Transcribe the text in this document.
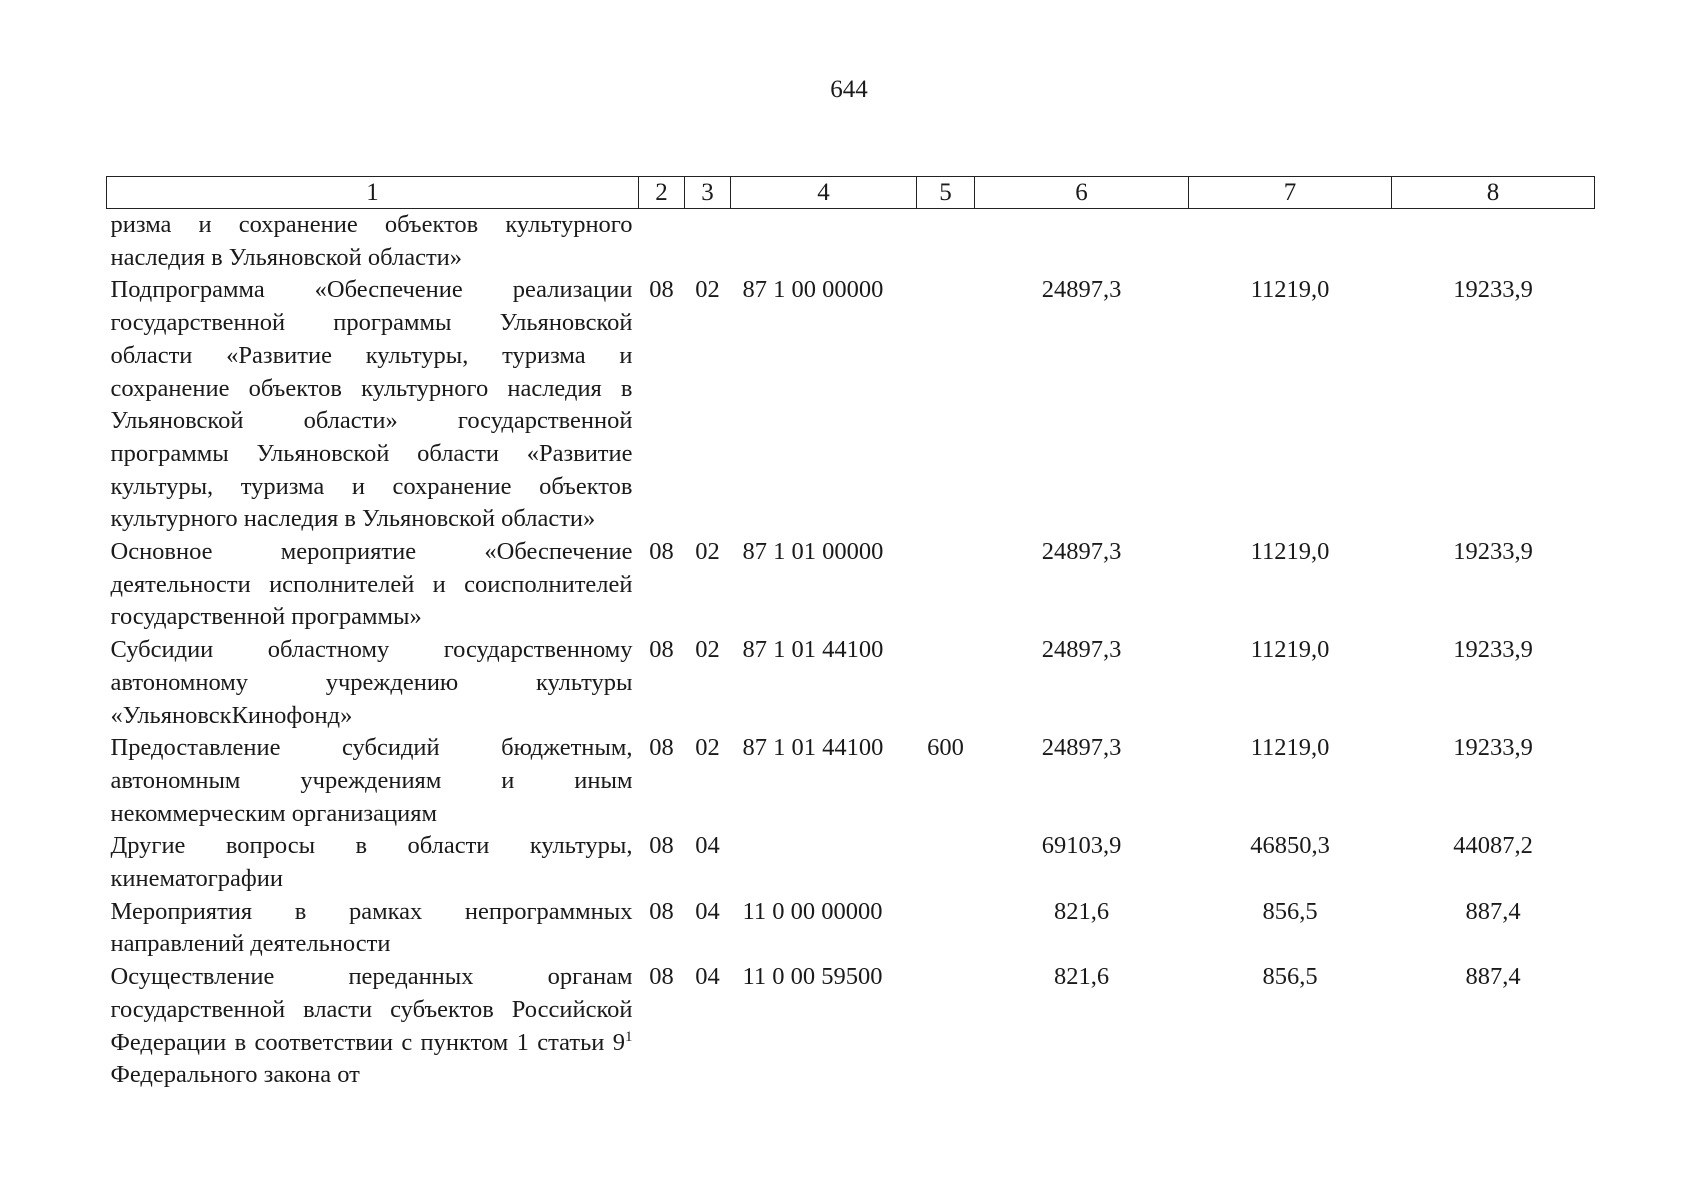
644
1	2	3	4	5	6	7	8
ризма и сохранение объектов культурного наследия в Ульяновской области»							
Подпрограмма «Обеспечение реализации государственной программы Ульяновской области «Развитие культуры, туризма и сохранение объектов культурного наследия в Ульяновской области» государственной программы Ульяновской области «Развитие культуры, туризма и сохранение объектов культурного наследия в Ульяновской области»	08	02	87 1 00 00000		24897,3	11219,0	19233,9
Основное мероприятие «Обеспечение деятельности исполнителей и соисполнителей государственной программы»	08	02	87 1 01 00000		24897,3	11219,0	19233,9
Субсидии областному государственному автономному учреждению культуры «УльяновскКинофонд»	08	02	87 1 01 44100		24897,3	11219,0	19233,9
Предоставление субсидий бюджетным, автономным учреждениям и иным некоммерческим организациям	08	02	87 1 01 44100	600	24897,3	11219,0	19233,9
Другие вопросы в области культуры, кинематографии	08	04			69103,9	46850,3	44087,2
Мероприятия в рамках непрограммных направлений деятельности	08	04	11 0 00 00000		821,6	856,5	887,4
Осуществление переданных органам государственной власти субъектов Российской Федерации в соответствии с пунктом 1 статьи $9^1$ Федерального закона от	08	04	11 0 00 59500		821,6	856,5	887,4
